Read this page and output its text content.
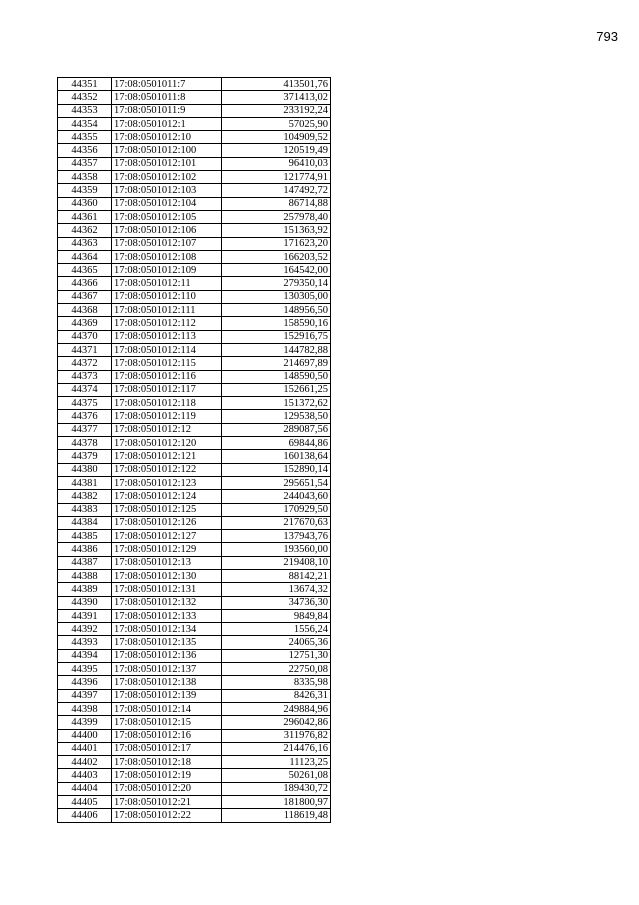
793
44351	17:08:0501011:7	413501,76
44352	17:08:0501011:8	371413,02
44353	17:08:0501011:9	233192,24
44354	17:08:0501012:1	57025,90
44355	17:08:0501012:10	104909,52
44356	17:08:0501012:100	120519,49
44357	17:08:0501012:101	96410,03
44358	17:08:0501012:102	121774,91
44359	17:08:0501012:103	147492,72
44360	17:08:0501012:104	86714,88
44361	17:08:0501012:105	257978,40
44362	17:08:0501012:106	151363,92
44363	17:08:0501012:107	171623,20
44364	17:08:0501012:108	166203,52
44365	17:08:0501012:109	164542,00
44366	17:08:0501012:11	279350,14
44367	17:08:0501012:110	130305,00
44368	17:08:0501012:111	148956,50
44369	17:08:0501012:112	158590,16
44370	17:08:0501012:113	152916,75
44371	17:08:0501012:114	144782,88
44372	17:08:0501012:115	214697,89
44373	17:08:0501012:116	148590,50
44374	17:08:0501012:117	152661,25
44375	17:08:0501012:118	151372,62
44376	17:08:0501012:119	129538,50
44377	17:08:0501012:12	289087,56
44378	17:08:0501012:120	69844,86
44379	17:08:0501012:121	160138,64
44380	17:08:0501012:122	152890,14
44381	17:08:0501012:123	295651,54
44382	17:08:0501012:124	244043,60
44383	17:08:0501012:125	170929,50
44384	17:08:0501012:126	217670,63
44385	17:08:0501012:127	137943,76
44386	17:08:0501012:129	193560,00
44387	17:08:0501012:13	219408,10
44388	17:08:0501012:130	88142,21
44389	17:08:0501012:131	13674,32
44390	17:08:0501012:132	34736,30
44391	17:08:0501012:133	9849,84
44392	17:08:0501012:134	1556,24
44393	17:08:0501012:135	24065,36
44394	17:08:0501012:136	12751,30
44395	17:08:0501012:137	22750,08
44396	17:08:0501012:138	8335,98
44397	17:08:0501012:139	8426,31
44398	17:08:0501012:14	249884,96
44399	17:08:0501012:15	296042,86
44400	17:08:0501012:16	311976,82
44401	17:08:0501012:17	214476,16
44402	17:08:0501012:18	11123,25
44403	17:08:0501012:19	50261,08
44404	17:08:0501012:20	189430,72
44405	17:08:0501012:21	181800,97
44406	17:08:0501012:22	118619,48
